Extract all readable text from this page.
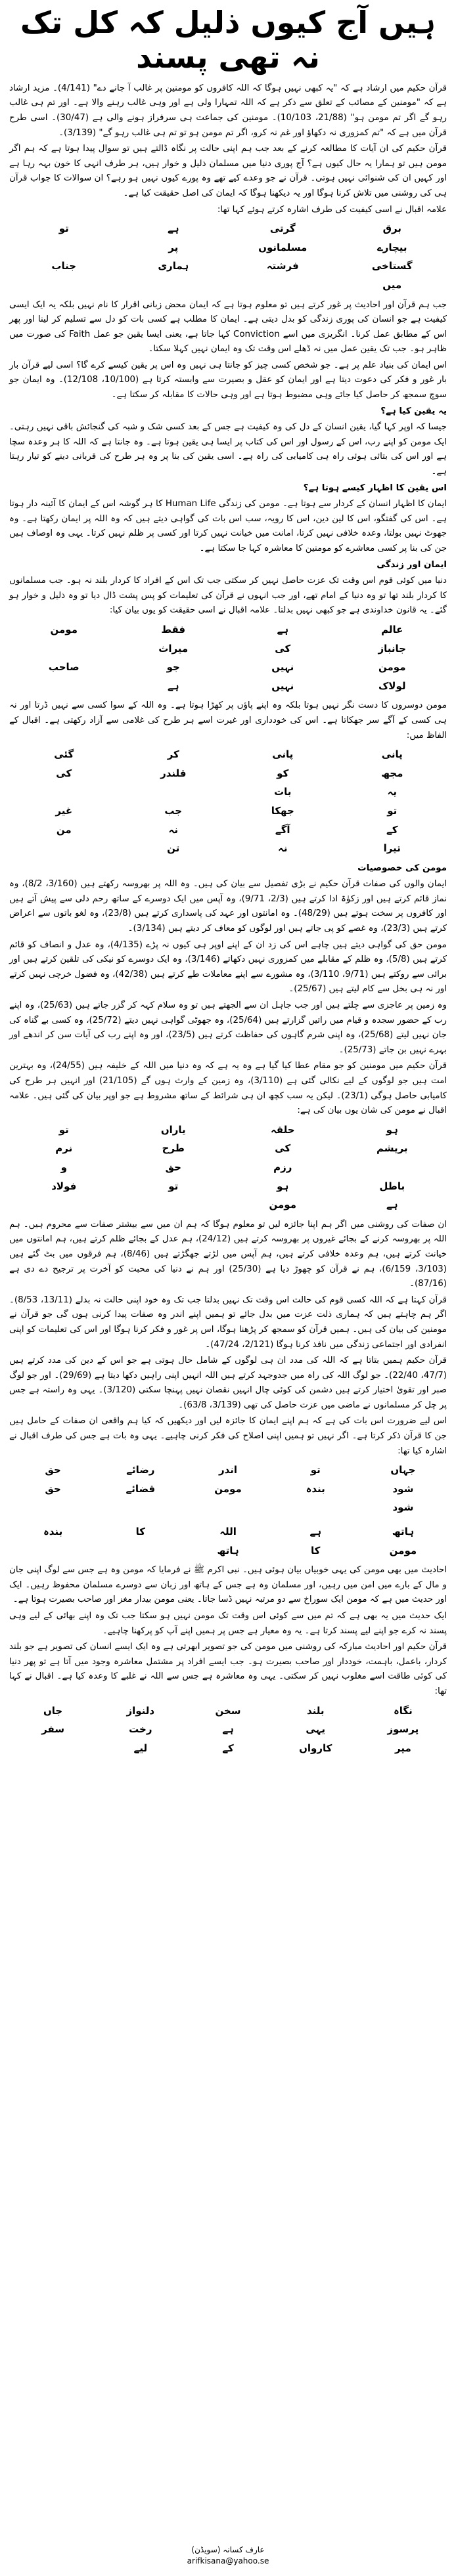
ہیں آج کیوں ذلیل کہ کل تک نہ تھی پسند

قرآن حکیم میں ارشاد ہے کہ "یہ کبھی نہیں ہوگا کہ اللہ کافروں کو مومنین پر غالب آ جانے دے" (4/141)۔ مزید ارشاد ہے کہ "مومنین کے مصائب کے تعلق سے ذکر ہے کہ اللہ تمہارا ولی ہے اور وہی غالب رہنے والا ہے۔ اور تم ہی غالب رہو گے اگر تم مومن ہو" (21/88، 10/103)۔ مومنین کی جماعت ہی سرفراز ہونے والی ہے (30/47)۔ اسی طرح قرآن میں ہے کہ "تم کمزوری نہ دکھاؤ اور غم نہ کرو، اگر تم مومن ہو تو تم ہی غالب رہو گے" (3/139)۔

قرآن حکیم کی ان آیات کا مطالعہ کرنے کے بعد جب ہم اپنی حالت پر نگاہ ڈالتے ہیں تو سوال پیدا ہوتا ہے کہ ہم اگر مومن ہیں تو ہمارا یہ حال کیوں ہے؟ آج پوری دنیا میں مسلمان ذلیل و خوار ہیں، ہر طرف انہی کا خون بہہ رہا ہے اور کہیں ان کی شنوائی نہیں ہوتی۔ قرآن نے جو وعدے کیے تھے وہ پورے کیوں نہیں ہو رہے؟ ان سوالات کا جواب قرآن ہی کی روشنی میں تلاش کرنا ہوگا اور یہ دیکھنا ہوگا کہ ایمان کی اصل حقیقت کیا ہے۔

علامہ اقبال نے اسی کیفیت کی طرف اشارہ کرتے ہوئے کہا تھا:

برق
گرتی
ہے
تو
بیچارے
مسلمانوں
پر
گستاخی
فرشتہ
ہماری
جناب
میں

جب ہم قرآن اور احادیث پر غور کرتے ہیں تو معلوم ہوتا ہے کہ ایمان محض زبانی اقرار کا نام نہیں بلکہ یہ ایک ایسی کیفیت ہے جو انسان کی پوری زندگی کو بدل دیتی ہے۔ ایمان کا مطلب ہے کسی بات کو دل سے تسلیم کر لینا اور پھر اس کے مطابق عمل کرنا۔ انگریزی میں اسے Conviction کہا جاتا ہے، یعنی ایسا یقین جو عمل Faith کی صورت میں ظاہر ہو۔ جب تک یقین عمل میں نہ ڈھلے اس وقت تک وہ ایمان نہیں کہلا سکتا۔

اس ایمان کی بنیاد علم پر ہے۔ جو شخص کسی چیز کو جانتا ہی نہیں وہ اس پر یقین کیسے کرے گا؟ اسی لیے قرآن بار بار غور و فکر کی دعوت دیتا ہے اور ایمان کو عقل و بصیرت سے وابستہ کرتا ہے (10/100، 12/108)۔ وہ ایمان جو سوچ سمجھ کر حاصل کیا جائے وہی مضبوط ہوتا ہے اور وہی حالات کا مقابلہ کر سکتا ہے۔

یہ یقین کیا ہے؟

جیسا کہ اوپر کہا گیا، یقین انسان کے دل کی وہ کیفیت ہے جس کے بعد کسی شک و شبہ کی گنجائش باقی نہیں رہتی۔ ایک مومن کو اپنے رب، اس کے رسول اور اس کی کتاب پر ایسا ہی یقین ہوتا ہے۔ وہ جانتا ہے کہ اللہ کا ہر وعدہ سچا ہے اور اس کی بتائی ہوئی راہ ہی کامیابی کی راہ ہے۔ اسی یقین کی بنا پر وہ ہر طرح کی قربانی دینے کو تیار رہتا ہے۔

اس یقین کا اظہار کیسے ہوتا ہے؟

ایمان کا اظہار انسان کے کردار سے ہوتا ہے۔ مومن کی زندگی Human Life کا ہر گوشہ اس کے ایمان کا آئینہ دار ہوتا ہے۔ اس کی گفتگو، اس کا لین دین، اس کا رویہ، سب اس بات کی گواہی دیتے ہیں کہ وہ اللہ پر ایمان رکھتا ہے۔ وہ جھوٹ نہیں بولتا، وعدہ خلافی نہیں کرتا، امانت میں خیانت نہیں کرتا اور کسی پر ظلم نہیں کرتا۔ یہی وہ اوصاف ہیں جن کی بنا پر کسی معاشرے کو مومنین کا معاشرہ کہا جا سکتا ہے۔

ایمان اور زندگی

دنیا میں کوئی قوم اس وقت تک عزت حاصل نہیں کر سکتی جب تک اس کے افراد کا کردار بلند نہ ہو۔ جب مسلمانوں کا کردار بلند تھا تو وہ دنیا کے امام تھے، اور جب انہوں نے قرآن کی تعلیمات کو پس پشت ڈال دیا تو وہ ذلیل و خوار ہو گئے۔ یہ قانون خداوندی ہے جو کبھی نہیں بدلتا۔ علامہ اقبال نے اسی حقیقت کو یوں بیان کیا:

عالم
ہے
فقط
مومن
جانباز
کی
میراث
مومن
نہیں
جو
صاحب
لولاک
نہیں
ہے

مومن دوسروں کا دست نگر نہیں ہوتا بلکہ وہ اپنے پاؤں پر کھڑا ہوتا ہے۔ وہ اللہ کے سوا کسی سے نہیں ڈرتا اور نہ ہی کسی کے آگے سر جھکاتا ہے۔ اس کی خودداری اور غیرت اسے ہر طرح کی غلامی سے آزاد رکھتی ہے۔ اقبال کے الفاظ میں:

پانی
پانی
کر
گئی
مجھ
کو
قلندر
کی
یہ
بات
تو
جھکا
جب
غیر
کے
آگے
نہ
من
تیرا
نہ
تن

مومن کی خصوصیات

ایمان والوں کی صفات قرآن حکیم نے بڑی تفصیل سے بیان کی ہیں۔ وہ اللہ پر بھروسہ رکھتے ہیں (3/160، 8/2)، وہ نماز قائم کرتے ہیں اور زکوٰۃ ادا کرتے ہیں (2/3، 9/71)، وہ آپس میں ایک دوسرے کے ساتھ رحم دلی سے پیش آتے ہیں اور کافروں پر سخت ہوتے ہیں (48/29)۔ وہ امانتوں اور عہد کی پاسداری کرتے ہیں (23/8)، وہ لغو باتوں سے اعراض کرتے ہیں (23/3)، وہ غصے کو پی جاتے ہیں اور لوگوں کو معاف کر دیتے ہیں (3/134)۔

مومن حق کی گواہی دیتے ہیں چاہے اس کی زد ان کے اپنے اوپر ہی کیوں نہ پڑے (4/135)، وہ عدل و انصاف کو قائم کرتے ہیں (5/8)، وہ ظلم کے مقابلے میں کمزوری نہیں دکھاتے (3/146)، وہ ایک دوسرے کو نیکی کی تلقین کرتے ہیں اور برائی سے روکتے ہیں (9/71، 3/110)، وہ مشورے سے اپنے معاملات طے کرتے ہیں (42/38)، وہ فضول خرچی نہیں کرتے اور نہ ہی بخل سے کام لیتے ہیں (25/67)۔

وہ زمین پر عاجزی سے چلتے ہیں اور جب جاہل ان سے الجھتے ہیں تو وہ سلام کہہ کر گزر جاتے ہیں (25/63)، وہ اپنے رب کے حضور سجدہ و قیام میں راتیں گزارتے ہیں (25/64)، وہ جھوٹی گواہی نہیں دیتے (25/72)، وہ کسی بے گناہ کی جان نہیں لیتے (25/68)، وہ اپنی شرم گاہوں کی حفاظت کرتے ہیں (23/5)، اور وہ اپنے رب کی آیات سن کر اندھے اور بہرے نہیں بن جاتے (25/73)۔

قرآن حکیم میں مومنین کو جو مقام عطا کیا گیا ہے وہ یہ ہے کہ وہ دنیا میں اللہ کے خلیفہ ہیں (24/55)، وہ بہترین امت ہیں جو لوگوں کے لیے نکالی گئی ہے (3/110)، وہ زمین کے وارث ہوں گے (21/105) اور انہیں ہر طرح کی کامیابی حاصل ہوگی (23/1)۔ لیکن یہ سب کچھ ان ہی شرائط کے ساتھ مشروط ہے جو اوپر بیان کی گئی ہیں۔ علامہ اقبال نے مومن کی شان یوں بیان کی ہے:

ہو
حلقہ
یاراں
تو
بریشم
کی
طرح
نرم
رزم
حق
و
باطل
ہو
تو
فولاد
ہے
مومن

ان صفات کی روشنی میں اگر ہم اپنا جائزہ لیں تو معلوم ہوگا کہ ہم ان میں سے بیشتر صفات سے محروم ہیں۔ ہم اللہ پر بھروسہ کرنے کے بجائے غیروں پر بھروسہ کرتے ہیں (24/12)، ہم عدل کے بجائے ظلم کرتے ہیں، ہم امانتوں میں خیانت کرتے ہیں، ہم وعدہ خلافی کرتے ہیں، ہم آپس میں لڑتے جھگڑتے ہیں (8/46)، ہم فرقوں میں بٹ گئے ہیں (3/103، 6/159)، ہم نے قرآن کو چھوڑ دیا ہے (25/30) اور ہم نے دنیا کی محبت کو آخرت پر ترجیح دے دی ہے (87/16)۔

قرآن کہتا ہے کہ اللہ کسی قوم کی حالت اس وقت تک نہیں بدلتا جب تک وہ خود اپنی حالت نہ بدلے (13/11، 8/53)۔ اگر ہم چاہتے ہیں کہ ہماری ذلت عزت میں بدل جائے تو ہمیں اپنے اندر وہ صفات پیدا کرنی ہوں گی جو قرآن نے مومنین کی بیان کی ہیں۔ ہمیں قرآن کو سمجھ کر پڑھنا ہوگا، اس پر غور و فکر کرنا ہوگا اور اس کی تعلیمات کو اپنی انفرادی اور اجتماعی زندگی میں نافذ کرنا ہوگا (2/121، 47/24)۔

قرآن حکیم ہمیں بتاتا ہے کہ اللہ کی مدد ان ہی لوگوں کے شامل حال ہوتی ہے جو اس کے دین کی مدد کرتے ہیں (47/7، 22/40)۔ جو لوگ اللہ کی راہ میں جدوجہد کرتے ہیں اللہ انہیں اپنی راہیں دکھا دیتا ہے (29/69)۔ اور جو لوگ صبر اور تقویٰ اختیار کرتے ہیں دشمن کی کوئی چال انہیں نقصان نہیں پہنچا سکتی (3/120)۔ یہی وہ راستہ ہے جس پر چل کر مسلمانوں نے ماضی میں عزت حاصل کی تھی (3/139، 63/8)۔

اس لیے ضرورت اس بات کی ہے کہ ہم اپنے ایمان کا جائزہ لیں اور دیکھیں کہ کیا ہم واقعی ان صفات کے حامل ہیں جن کا قرآن ذکر کرتا ہے۔ اگر نہیں تو ہمیں اپنی اصلاح کی فکر کرنی چاہیے۔ یہی وہ بات ہے جس کی طرف اقبال نے اشارہ کیا تھا:

جہاں
تو
اندر
رضائے
حق
شود
بندہ
مومن
قضائے
حق
شود
ہاتھ
ہے
اللہ
کا
بندہ
مومن
کا
ہاتھ

احادیث میں بھی مومن کی یہی خوبیاں بیان ہوئی ہیں۔ نبی اکرم ﷺ نے فرمایا کہ مومن وہ ہے جس سے لوگ اپنی جان و مال کے بارے میں امن میں رہیں، اور مسلمان وہ ہے جس کے ہاتھ اور زبان سے دوسرے مسلمان محفوظ رہیں۔ ایک اور حدیث میں ہے کہ مومن ایک سوراخ سے دو مرتبہ نہیں ڈسا جاتا۔ یعنی مومن بیدار مغز اور صاحب بصیرت ہوتا ہے۔

ایک حدیث میں یہ بھی ہے کہ تم میں سے کوئی اس وقت تک مومن نہیں ہو سکتا جب تک وہ اپنے بھائی کے لیے وہی پسند نہ کرے جو اپنے لیے پسند کرتا ہے۔ یہ وہ معیار ہے جس پر ہمیں اپنے آپ کو پرکھنا چاہیے۔

قرآن حکیم اور احادیث مبارکہ کی روشنی میں مومن کی جو تصویر ابھرتی ہے وہ ایک ایسے انسان کی تصویر ہے جو بلند کردار، باعمل، باہمت، خوددار اور صاحب بصیرت ہو۔ جب ایسے افراد پر مشتمل معاشرہ وجود میں آتا ہے تو پھر دنیا کی کوئی طاقت اسے مغلوب نہیں کر سکتی۔ یہی وہ معاشرہ ہے جس سے اللہ نے غلبے کا وعدہ کیا ہے۔ اقبال نے کہا تھا:

نگاہ
بلند
سخن
دلنواز
جاں
پرسوز
یہی
ہے
رخت
سفر
میر
کارواں
کے
لیے
عارف کسانہ (سویڈن)
arifkisana@yahoo.se
